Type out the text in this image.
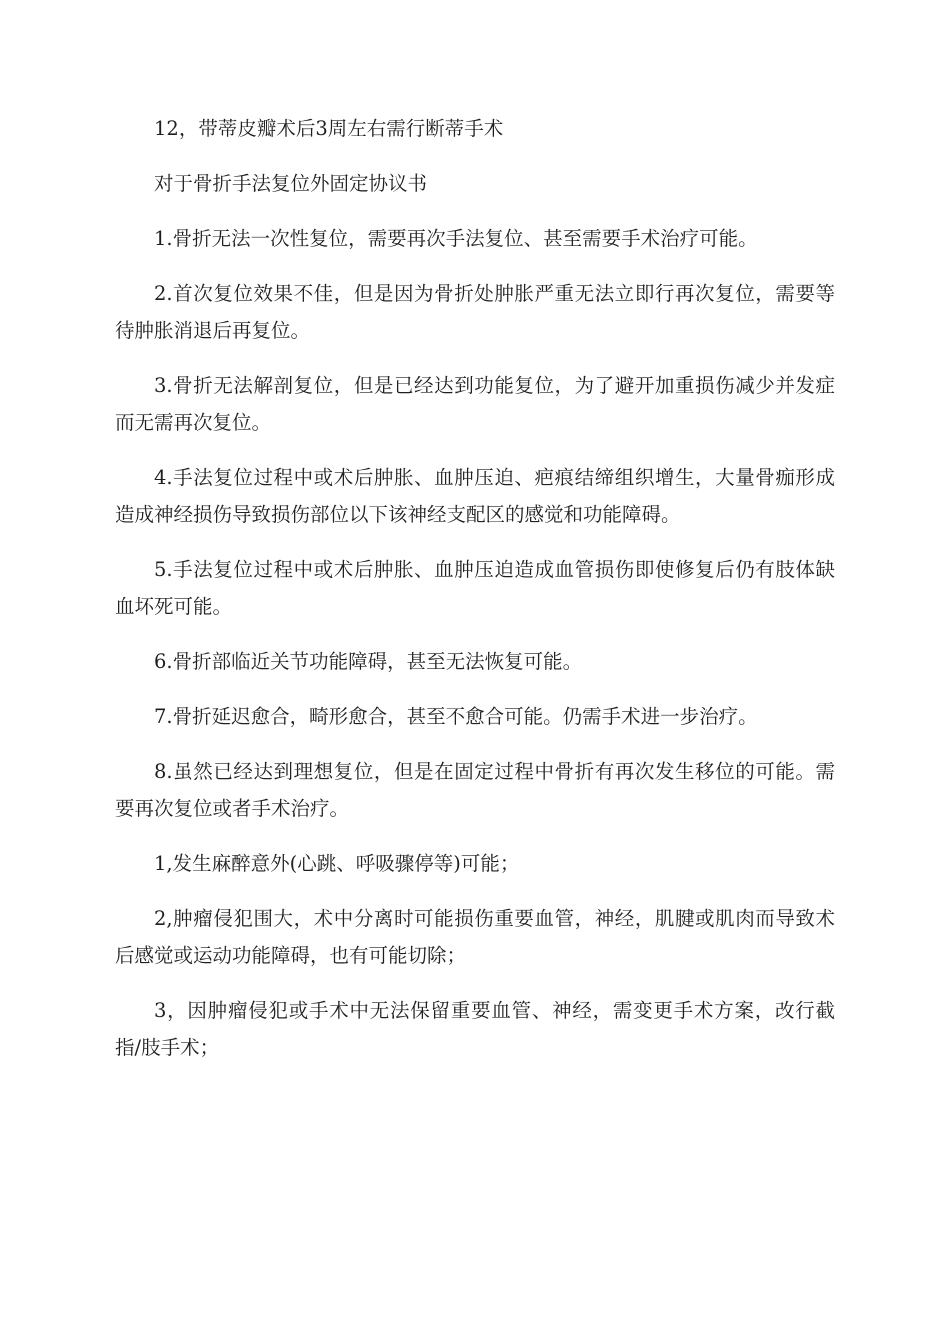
12，带蒂皮瓣术后3周左右需行断蒂手术

对于骨折手法复位外固定协议书

1.骨折无法一次性复位，需要再次手法复位、甚至需要手术治疗可能。

2.首次复位效果不佳，但是因为骨折处肿胀严重无法立即行再次复位，需要等待肿胀消退后再复位。

3.骨折无法解剖复位，但是已经达到功能复位，为了避开加重损伤减少并发症而无需再次复位。

4.手法复位过程中或术后肿胀、血肿压迫、疤痕结缔组织增生，大量骨痂形成造成神经损伤导致损伤部位以下该神经支配区的感觉和功能障碍。

5.手法复位过程中或术后肿胀、血肿压迫造成血管损伤即使修复后仍有肢体缺血坏死可能。

6.骨折部临近关节功能障碍，甚至无法恢复可能。

7.骨折延迟愈合，畸形愈合，甚至不愈合可能。仍需手术进一步治疗。

8.虽然已经达到理想复位，但是在固定过程中骨折有再次发生移位的可能。需要再次复位或者手术治疗。

1,发生麻醉意外(心跳、呼吸骤停等)可能；

2,肿瘤侵犯围大，术中分离时可能损伤重要血管，神经，肌腱或肌肉而导致术后感觉或运动功能障碍，也有可能切除；

3，因肿瘤侵犯或手术中无法保留重要血管、神经，需变更手术方案，改行截指/肢手术；
